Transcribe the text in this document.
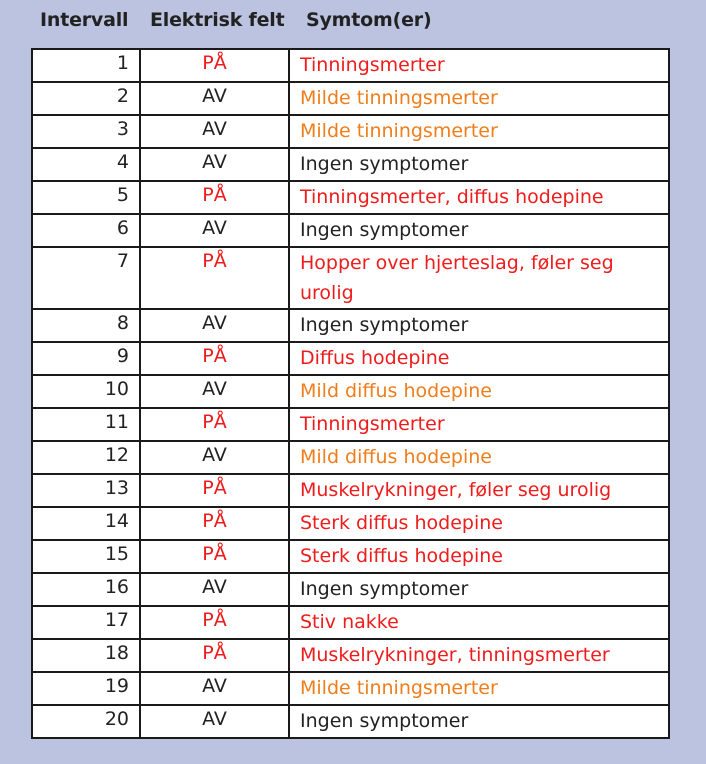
Intervall Elektrisk felt Symtom(er)
1	PÅ	Tinningsmerter
2	AV	Milde tinningsmerter
3	AV	Milde tinningsmerter
4	AV	Ingen symptomer
5	PÅ	Tinningsmerter, diffus hodepine
6	AV	Ingen symptomer
7	PÅ	Hopper over hjerteslag, føler seg urolig
8	AV	Ingen symptomer
9	PÅ	Diffus hodepine
10	AV	Mild diffus hodepine
11	PÅ	Tinningsmerter
12	AV	Mild diffus hodepine
13	PÅ	Muskelrykninger, føler seg urolig
14	PÅ	Sterk diffus hodepine
15	PÅ	Sterk diffus hodepine
16	AV	Ingen symptomer
17	PÅ	Stiv nakke
18	PÅ	Muskelrykninger, tinningsmerter
19	AV	Milde tinningsmerter
20	AV	Ingen symptomer
